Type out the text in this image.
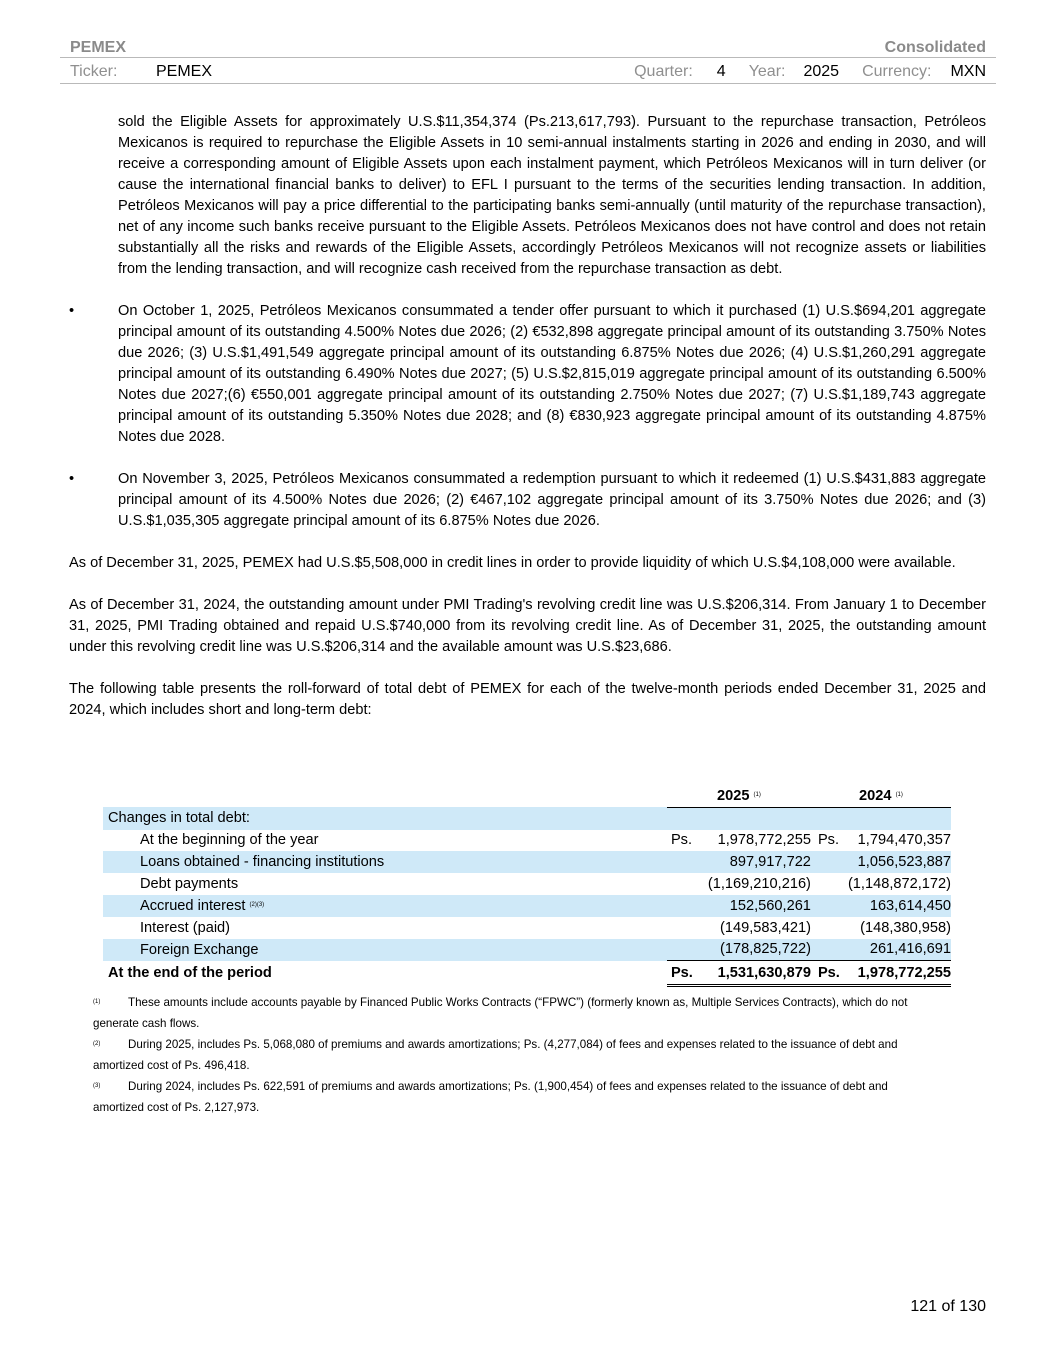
PEMEX	Consolidated
Ticker:	PEMEX	Quarter: 4 Year: 2025 Currency: MXN

sold the Eligible Assets for approximately U.S.$11,354,374 (Ps.213,617,793). Pursuant to the repurchase transaction, Petróleos Mexicanos is required to repurchase the Eligible Assets in 10 semi-annual instalments starting in 2026 and ending in 2030, and will receive a corresponding amount of Eligible Assets upon each instalment payment, which Petróleos Mexicanos will in turn deliver (or cause the international financial banks to deliver) to EFL I pursuant to the terms of the securities lending transaction. In addition, Petróleos Mexicanos will pay a price differential to the participating banks semi-annually (until maturity of the repurchase transaction), net of any income such banks receive pursuant to the Eligible Assets. Petróleos Mexicanos does not have control and does not retain substantially all the risks and rewards of the Eligible Assets, accordingly Petróleos Mexicanos will not recognize assets or liabilities from the lending transaction, and will recognize cash received from the repurchase transaction as debt.

•	On October 1, 2025, Petróleos Mexicanos consummated a tender offer pursuant to which it purchased (1) U.S.$694,201 aggregate principal amount of its outstanding 4.500% Notes due 2026; (2) €532,898 aggregate principal amount of its outstanding 3.750% Notes due 2026; (3) U.S.$1,491,549 aggregate principal amount of its outstanding 6.875% Notes due 2026; (4) U.S.$1,260,291 aggregate principal amount of its outstanding 6.490% Notes due 2027; (5) U.S.$2,815,019 aggregate principal amount of its outstanding 6.500% Notes due 2027;(6) €550,001 aggregate principal amount of its outstanding 2.750% Notes due 2027; (7) U.S.$1,189,743 aggregate principal amount of its outstanding 5.350% Notes due 2028; and (8) €830,923 aggregate principal amount of its outstanding 4.875% Notes due 2028.
•	On November 3, 2025, Petróleos Mexicanos consummated a redemption pursuant to which it redeemed (1) U.S.$431,883 aggregate principal amount of its 4.500% Notes due 2026; (2) €467,102 aggregate principal amount of its 3.750% Notes due 2026; and (3) U.S.$1,035,305 aggregate principal amount of its 6.875% Notes due 2026.

As of December 31, 2025, PEMEX had U.S.$5,508,000 in credit lines in order to provide liquidity of which U.S.$4,108,000 were available.

As of December 31, 2024, the outstanding amount under PMI Trading's revolving credit line was U.S.$206,314. From January 1 to December 31, 2025, PMI Trading obtained and repaid U.S.$740,000 from its revolving credit line. As of December 31, 2025, the outstanding amount under this revolving credit line was U.S.$206,314 and the available amount was U.S.$23,686.

The following table presents the roll-forward of total debt of PEMEX for each of the twelve-month periods ended December 31, 2025 and 2024, which includes short and long-term debt:

	2025 $^{(1)}$		2024 $^{(1)}$
Changes in total debt:				
At the beginning of the year	Ps.	1,978,772,255	Ps.	1,794,470,357
Loans obtained - financing institutions		897,917,722		1,056,523,887
Debt payments		(1,169,210,216)		(1,148,872,172)
Accrued interest $^{(2)(3)}$		152,560,261		163,614,450
Interest (paid)		(149,583,421)		(148,380,958)
Foreign Exchange		(178,825,722)		261,416,691
At the end of the period	Ps.	1,531,630,879	Ps.	1,978,772,255
(1) These amounts include accounts payable by Financed Public Works Contracts (“FPWC”) (formerly known as, Multiple Services Contracts), which do not
generate cash flows.
(2) During 2025, includes Ps. 5,068,080 of premiums and awards amortizations; Ps. (4,277,084) of fees and expenses related to the issuance of debt and
amortized cost of Ps. 496,418.
(3) During 2024, includes Ps. 622,591 of premiums and awards amortizations; Ps. (1,900,454) of fees and expenses related to the issuance of debt and
amortized cost of Ps. 2,127,973.
121 of 130
